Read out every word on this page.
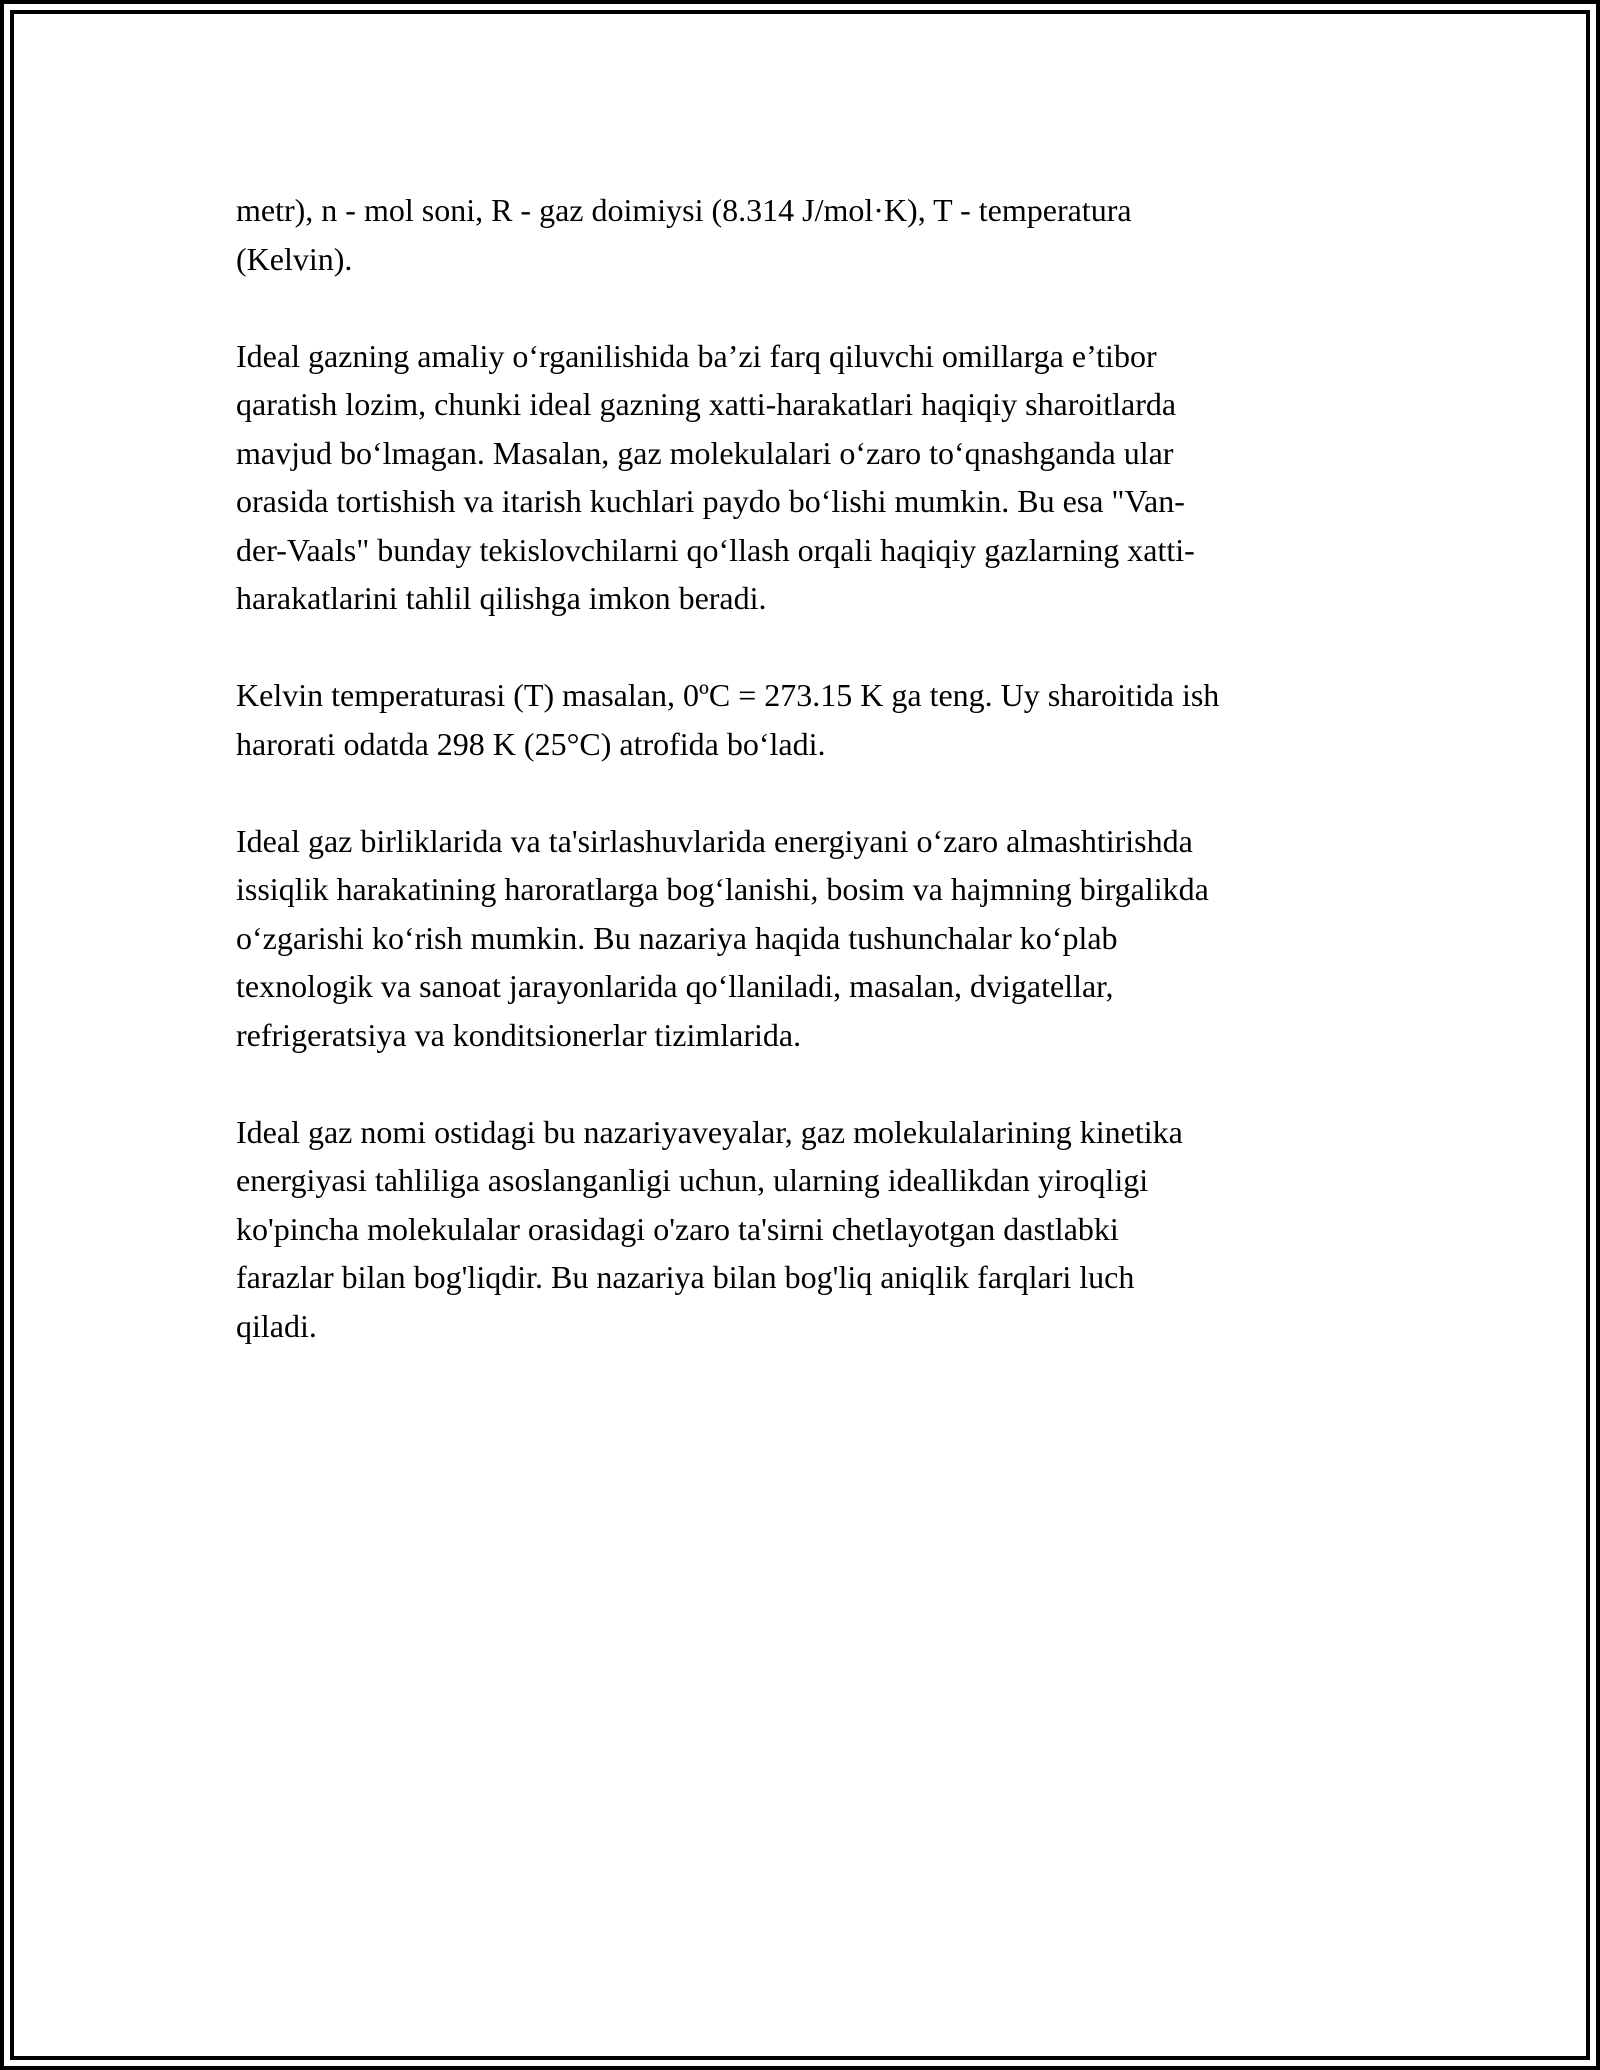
metr), n - mol soni, R - gaz doimiysi (8.314 J/mol·K), T - temperatura
(Kelvin).

Ideal gazning amaliy o‘rganilishida ba’zi farq qiluvchi omillarga e’tibor
qaratish lozim, chunki ideal gazning xatti-harakatlari haqiqiy sharoitlarda
mavjud bo‘lmagan. Masalan, gaz molekulalari o‘zaro to‘qnashganda ular
orasida tortishish va itarish kuchlari paydo bo‘lishi mumkin. Bu esa "Van-
der-Vaals" bunday tekislovchilarni qo‘llash orqali haqiqiy gazlarning xatti-
harakatlarini tahlil qilishga imkon beradi.

Kelvin temperaturasi (T) masalan, 0ºC = 273.15 K ga teng. Uy sharoitida ish
harorati odatda 298 K (25°C) atrofida bo‘ladi.

Ideal gaz birliklarida va ta'sirlashuvlarida energiyani o‘zaro almashtirishda
issiqlik harakatining haroratlarga bog‘lanishi, bosim va hajmning birgalikda
o‘zgarishi ko‘rish mumkin. Bu nazariya haqida tushunchalar ko‘plab
texnologik va sanoat jarayonlarida qo‘llaniladi, masalan, dvigatellar,
refrigeratsiya va konditsionerlar tizimlarida.

Ideal gaz nomi ostidagi bu nazariyaveyalar, gaz molekulalarining kinetika
energiyasi tahliliga asoslanganligi uchun, ularning ideallikdan yiroqligi
ko'pincha molekulalar orasidagi o'zaro ta'sirni chetlayotgan dastlabki
farazlar bilan bog'liqdir. Bu nazariya bilan bog'liq aniqlik farqlari luch
qiladi.
